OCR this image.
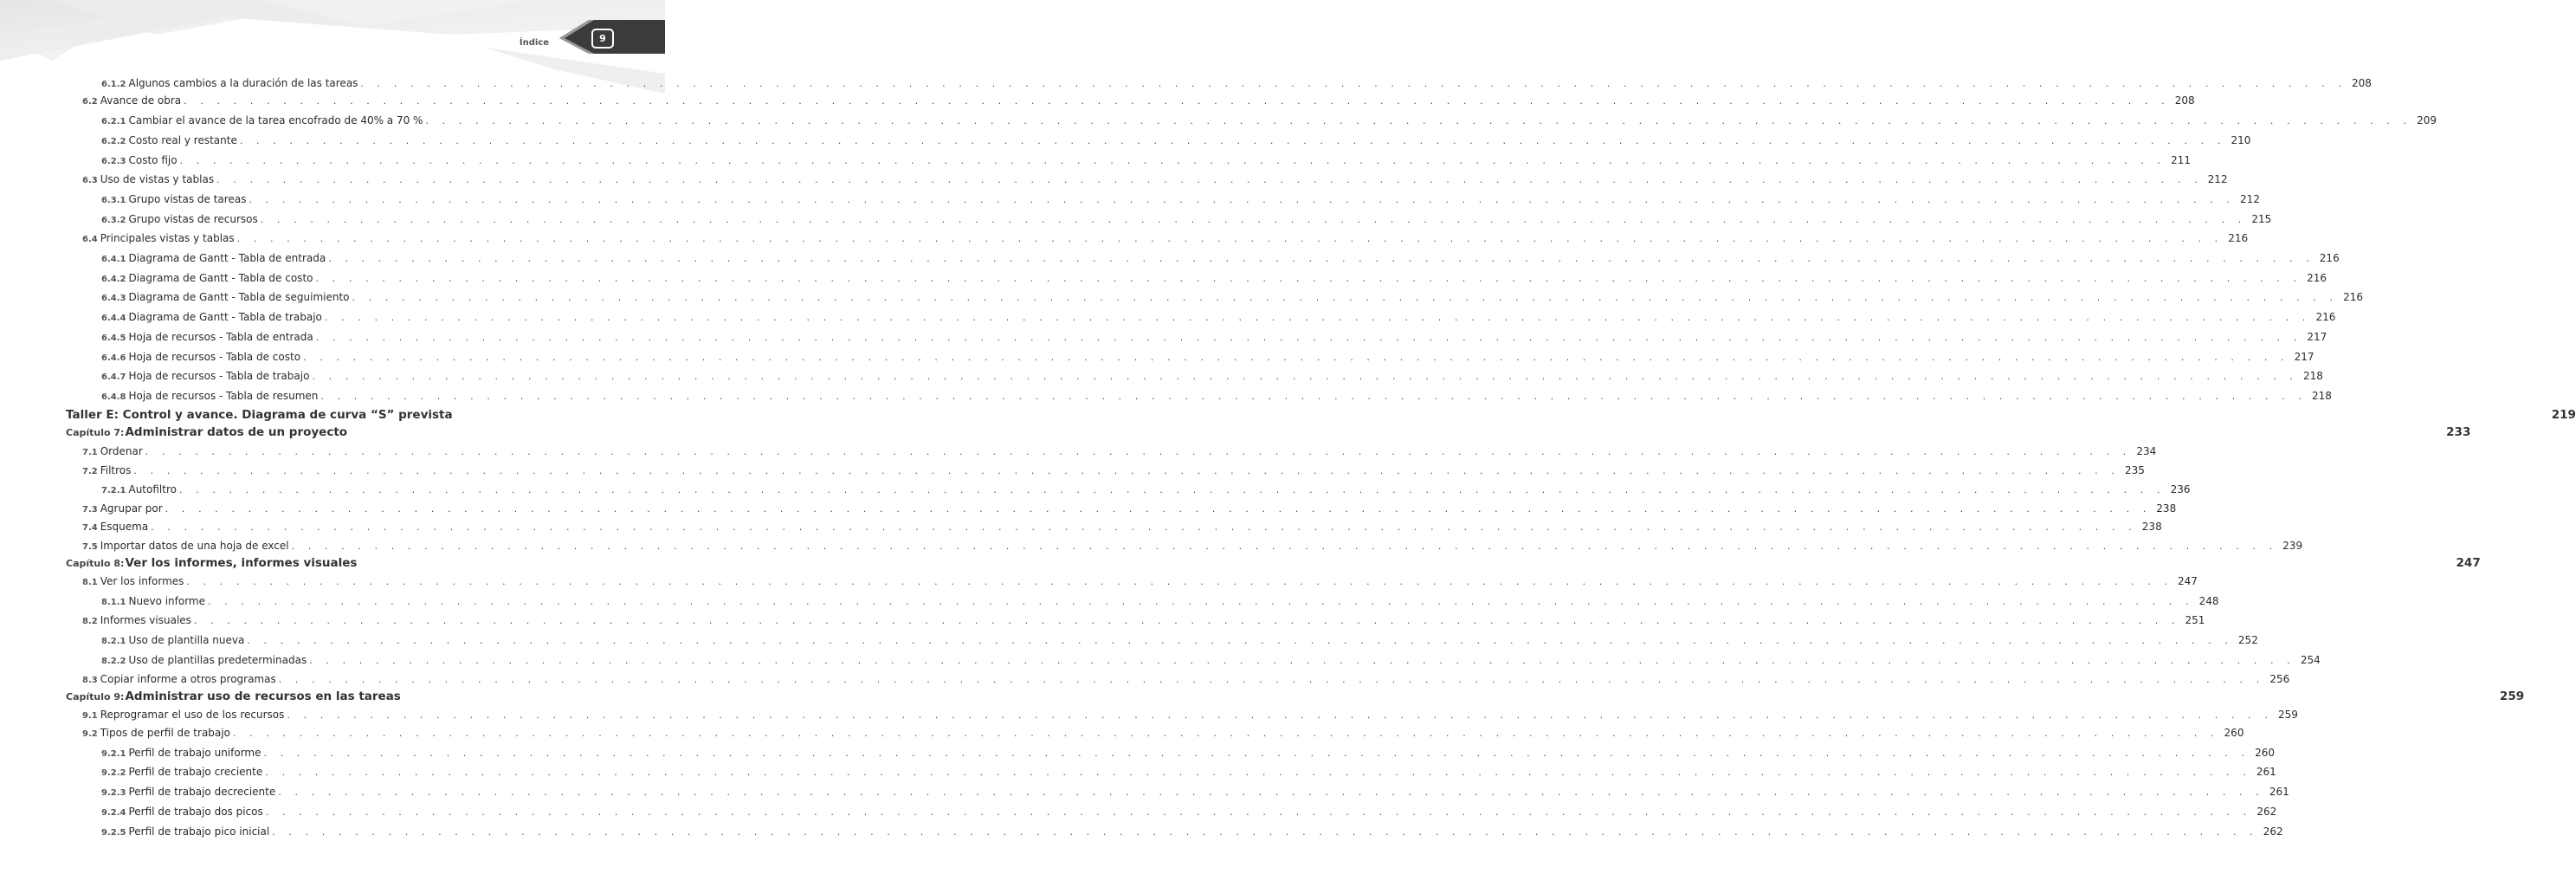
Índice	9
6.1.2 Algunos cambios a la duración de las tareas . . . . . . . . . . . . . . . . . . . . . . . . . . . . . . . . . . . . . . . . . . . . . . . . . . . . . . . . . . . . . . . . . . . . . . . . . . . . . . . . . . . . . . . . . . . . . . . . . . . . . . . . . . . . . . . . . . . . . . . . 208
6.2 Avance de obra . . . . . . . . . . . . . . . . . . . . . . . . . . . . . . . . . . . . . . . . . . . . . . . . . . . . . . . . . . . . . . . . . . . . . . . . . . . . . . . . . . . . . . . . . . . . . . . . . . . . . . . . . . . . . . . . . . . . . . . . 208
6.2.1 Cambiar el avance de la tarea encofrado de 40% a 70 % . . . . . . . . . . . . . . . . . . . . . . . . . . . . . . . . . . . . . . . . . . . . . . . . . . . . . . . . . . . . . . . . . . . . . . . . . . . . . . . . . . . . . . . . . . . . . . . . . . . . . . . . . . . . . . . . . . . . . . . . 209
6.2.2 Costo real y restante . . . . . . . . . . . . . . . . . . . . . . . . . . . . . . . . . . . . . . . . . . . . . . . . . . . . . . . . . . . . . . . . . . . . . . . . . . . . . . . . . . . . . . . . . . . . . . . . . . . . . . . . . . . . . . . . . . . . . . . . 210
6.2.3 Costo fijo . . . . . . . . . . . . . . . . . . . . . . . . . . . . . . . . . . . . . . . . . . . . . . . . . . . . . . . . . . . . . . . . . . . . . . . . . . . . . . . . . . . . . . . . . . . . . . . . . . . . . . . . . . . . . . . . . . . . . . . . 211
6.3 Uso de vistas y tablas . . . . . . . . . . . . . . . . . . . . . . . . . . . . . . . . . . . . . . . . . . . . . . . . . . . . . . . . . . . . . . . . . . . . . . . . . . . . . . . . . . . . . . . . . . . . . . . . . . . . . . . . . . . . . . . . . . . . . . . . 212
6.3.1 Grupo vistas de tareas . . . . . . . . . . . . . . . . . . . . . . . . . . . . . . . . . . . . . . . . . . . . . . . . . . . . . . . . . . . . . . . . . . . . . . . . . . . . . . . . . . . . . . . . . . . . . . . . . . . . . . . . . . . . . . . . . . . . . . . . 212
6.3.2 Grupo vistas de recursos . . . . . . . . . . . . . . . . . . . . . . . . . . . . . . . . . . . . . . . . . . . . . . . . . . . . . . . . . . . . . . . . . . . . . . . . . . . . . . . . . . . . . . . . . . . . . . . . . . . . . . . . . . . . . . . . . . . . . . . . 215
6.4 Principales vistas y tablas . . . . . . . . . . . . . . . . . . . . . . . . . . . . . . . . . . . . . . . . . . . . . . . . . . . . . . . . . . . . . . . . . . . . . . . . . . . . . . . . . . . . . . . . . . . . . . . . . . . . . . . . . . . . . . . . . . . . . . . . 216
6.4.1 Diagrama de Gantt - Tabla de entrada . . . . . . . . . . . . . . . . . . . . . . . . . . . . . . . . . . . . . . . . . . . . . . . . . . . . . . . . . . . . . . . . . . . . . . . . . . . . . . . . . . . . . . . . . . . . . . . . . . . . . . . . . . . . . . . . . . . . . . . . 216
6.4.2 Diagrama de Gantt - Tabla de costo . . . . . . . . . . . . . . . . . . . . . . . . . . . . . . . . . . . . . . . . . . . . . . . . . . . . . . . . . . . . . . . . . . . . . . . . . . . . . . . . . . . . . . . . . . . . . . . . . . . . . . . . . . . . . . . . . . . . . . . . 216
6.4.3 Diagrama de Gantt - Tabla de seguimiento . . . . . . . . . . . . . . . . . . . . . . . . . . . . . . . . . . . . . . . . . . . . . . . . . . . . . . . . . . . . . . . . . . . . . . . . . . . . . . . . . . . . . . . . . . . . . . . . . . . . . . . . . . . . . . . . . . . . . . . . 216
6.4.4 Diagrama de Gantt - Tabla de trabajo . . . . . . . . . . . . . . . . . . . . . . . . . . . . . . . . . . . . . . . . . . . . . . . . . . . . . . . . . . . . . . . . . . . . . . . . . . . . . . . . . . . . . . . . . . . . . . . . . . . . . . . . . . . . . . . . . . . . . . . . 216
6.4.5 Hoja de recursos - Tabla de entrada . . . . . . . . . . . . . . . . . . . . . . . . . . . . . . . . . . . . . . . . . . . . . . . . . . . . . . . . . . . . . . . . . . . . . . . . . . . . . . . . . . . . . . . . . . . . . . . . . . . . . . . . . . . . . . . . . . . . . . . . 217
6.4.6 Hoja de recursos - Tabla de costo . . . . . . . . . . . . . . . . . . . . . . . . . . . . . . . . . . . . . . . . . . . . . . . . . . . . . . . . . . . . . . . . . . . . . . . . . . . . . . . . . . . . . . . . . . . . . . . . . . . . . . . . . . . . . . . . . . . . . . . . 217
6.4.7 Hoja de recursos - Tabla de trabajo . . . . . . . . . . . . . . . . . . . . . . . . . . . . . . . . . . . . . . . . . . . . . . . . . . . . . . . . . . . . . . . . . . . . . . . . . . . . . . . . . . . . . . . . . . . . . . . . . . . . . . . . . . . . . . . . . . . . . . . . 218
6.4.8 Hoja de recursos - Tabla de resumen . . . . . . . . . . . . . . . . . . . . . . . . . . . . . . . . . . . . . . . . . . . . . . . . . . . . . . . . . . . . . . . . . . . . . . . . . . . . . . . . . . . . . . . . . . . . . . . . . . . . . . . . . . . . . . . . . . . . . . . . 218
Taller E: Control y avance. Diagrama de curva “S” prevista	219
Capítulo 7:Administrar datos de un proyecto	233
7.1 Ordenar . . . . . . . . . . . . . . . . . . . . . . . . . . . . . . . . . . . . . . . . . . . . . . . . . . . . . . . . . . . . . . . . . . . . . . . . . . . . . . . . . . . . . . . . . . . . . . . . . . . . . . . . . . . . . . . . . . . . . . . . 234
7.2 Filtros . . . . . . . . . . . . . . . . . . . . . . . . . . . . . . . . . . . . . . . . . . . . . . . . . . . . . . . . . . . . . . . . . . . . . . . . . . . . . . . . . . . . . . . . . . . . . . . . . . . . . . . . . . . . . . . . . . . . . . . . 235
7.2.1 Autofiltro . . . . . . . . . . . . . . . . . . . . . . . . . . . . . . . . . . . . . . . . . . . . . . . . . . . . . . . . . . . . . . . . . . . . . . . . . . . . . . . . . . . . . . . . . . . . . . . . . . . . . . . . . . . . . . . . . . . . . . . . 236
7.3 Agrupar por . . . . . . . . . . . . . . . . . . . . . . . . . . . . . . . . . . . . . . . . . . . . . . . . . . . . . . . . . . . . . . . . . . . . . . . . . . . . . . . . . . . . . . . . . . . . . . . . . . . . . . . . . . . . . . . . . . . . . . . . 238
7.4 Esquema . . . . . . . . . . . . . . . . . . . . . . . . . . . . . . . . . . . . . . . . . . . . . . . . . . . . . . . . . . . . . . . . . . . . . . . . . . . . . . . . . . . . . . . . . . . . . . . . . . . . . . . . . . . . . . . . . . . . . . . . 238
7.5 Importar datos de una hoja de excel . . . . . . . . . . . . . . . . . . . . . . . . . . . . . . . . . . . . . . . . . . . . . . . . . . . . . . . . . . . . . . . . . . . . . . . . . . . . . . . . . . . . . . . . . . . . . . . . . . . . . . . . . . . . . . . . . . . . . . . . 239
Capítulo 8:Ver los informes, informes visuales	247
8.1 Ver los informes . . . . . . . . . . . . . . . . . . . . . . . . . . . . . . . . . . . . . . . . . . . . . . . . . . . . . . . . . . . . . . . . . . . . . . . . . . . . . . . . . . . . . . . . . . . . . . . . . . . . . . . . . . . . . . . . . . . . . . . . 247
8.1.1 Nuevo informe . . . . . . . . . . . . . . . . . . . . . . . . . . . . . . . . . . . . . . . . . . . . . . . . . . . . . . . . . . . . . . . . . . . . . . . . . . . . . . . . . . . . . . . . . . . . . . . . . . . . . . . . . . . . . . . . . . . . . . . . 248
8.2 Informes visuales . . . . . . . . . . . . . . . . . . . . . . . . . . . . . . . . . . . . . . . . . . . . . . . . . . . . . . . . . . . . . . . . . . . . . . . . . . . . . . . . . . . . . . . . . . . . . . . . . . . . . . . . . . . . . . . . . . . . . . . . 251
8.2.1 Uso de plantilla nueva . . . . . . . . . . . . . . . . . . . . . . . . . . . . . . . . . . . . . . . . . . . . . . . . . . . . . . . . . . . . . . . . . . . . . . . . . . . . . . . . . . . . . . . . . . . . . . . . . . . . . . . . . . . . . . . . . . . . . . . . 252
8.2.2 Uso de plantillas predeterminadas . . . . . . . . . . . . . . . . . . . . . . . . . . . . . . . . . . . . . . . . . . . . . . . . . . . . . . . . . . . . . . . . . . . . . . . . . . . . . . . . . . . . . . . . . . . . . . . . . . . . . . . . . . . . . . . . . . . . . . . . 254
8.3 Copiar informe a otros programas . . . . . . . . . . . . . . . . . . . . . . . . . . . . . . . . . . . . . . . . . . . . . . . . . . . . . . . . . . . . . . . . . . . . . . . . . . . . . . . . . . . . . . . . . . . . . . . . . . . . . . . . . . . . . . . . . . . . . . . . 256
Capítulo 9:Administrar uso de recursos en las tareas	259
9.1 Reprogramar el uso de los recursos . . . . . . . . . . . . . . . . . . . . . . . . . . . . . . . . . . . . . . . . . . . . . . . . . . . . . . . . . . . . . . . . . . . . . . . . . . . . . . . . . . . . . . . . . . . . . . . . . . . . . . . . . . . . . . . . . . . . . . . . 259
9.2 Tipos de perfil de trabajo . . . . . . . . . . . . . . . . . . . . . . . . . . . . . . . . . . . . . . . . . . . . . . . . . . . . . . . . . . . . . . . . . . . . . . . . . . . . . . . . . . . . . . . . . . . . . . . . . . . . . . . . . . . . . . . . . . . . . . . . 260
9.2.1 Perfil de trabajo uniforme . . . . . . . . . . . . . . . . . . . . . . . . . . . . . . . . . . . . . . . . . . . . . . . . . . . . . . . . . . . . . . . . . . . . . . . . . . . . . . . . . . . . . . . . . . . . . . . . . . . . . . . . . . . . . . . . . . . . . . . . 260
9.2.2 Perfil de trabajo creciente . . . . . . . . . . . . . . . . . . . . . . . . . . . . . . . . . . . . . . . . . . . . . . . . . . . . . . . . . . . . . . . . . . . . . . . . . . . . . . . . . . . . . . . . . . . . . . . . . . . . . . . . . . . . . . . . . . . . . . . . 261
9.2.3 Perfil de trabajo decreciente . . . . . . . . . . . . . . . . . . . . . . . . . . . . . . . . . . . . . . . . . . . . . . . . . . . . . . . . . . . . . . . . . . . . . . . . . . . . . . . . . . . . . . . . . . . . . . . . . . . . . . . . . . . . . . . . . . . . . . . . 261
9.2.4 Perfil de trabajo dos picos . . . . . . . . . . . . . . . . . . . . . . . . . . . . . . . . . . . . . . . . . . . . . . . . . . . . . . . . . . . . . . . . . . . . . . . . . . . . . . . . . . . . . . . . . . . . . . . . . . . . . . . . . . . . . . . . . . . . . . . . 262
9.2.5 Perfil de trabajo pico inicial . . . . . . . . . . . . . . . . . . . . . . . . . . . . . . . . . . . . . . . . . . . . . . . . . . . . . . . . . . . . . . . . . . . . . . . . . . . . . . . . . . . . . . . . . . . . . . . . . . . . . . . . . . . . . . . . . . . . . . . . 262
